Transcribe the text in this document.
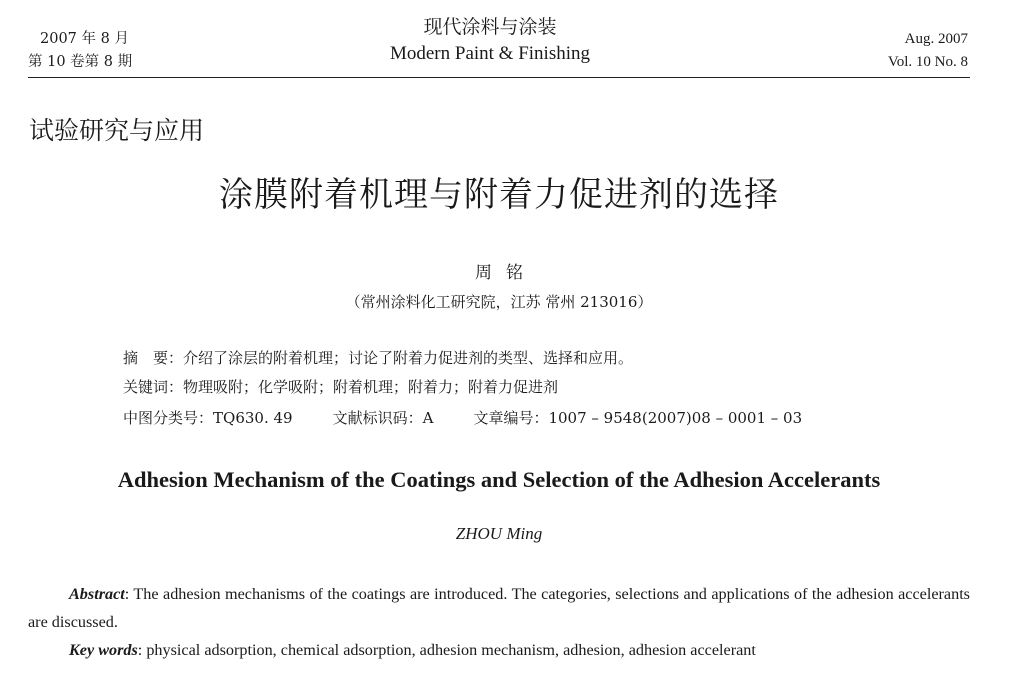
2007 年 8 月
第 10 卷第 8 期
现代涂料与涂装
Modern Paint & Finishing
Aug. 2007
Vol. 10 No. 8
试验研究与应用
涂膜附着机理与附着力促进剂的选择
周铭
（常州涂料化工研究院，江苏 常州 213016）
摘　要：介绍了涂层的附着机理；讨论了附着力促进剂的类型、选择和应用。
关键词：物理吸附；化学吸附；附着机理；附着力；附着力促进剂
中图分类号：TQ630. 49	文献标识码：A	文章编号：1007 – 9548(2007)08 – 0001 – 03
Adhesion Mechanism of the Coatings and Selection of the Adhesion Accelerants
ZHOU Ming
Abstract: The adhesion mechanisms of the coatings are introduced. The categories, selections and applications of the adhesion accelerants are discussed.
Key words: physical adsorption, chemical adsorption, adhesion mechanism, adhesion, adhesion accelerant
